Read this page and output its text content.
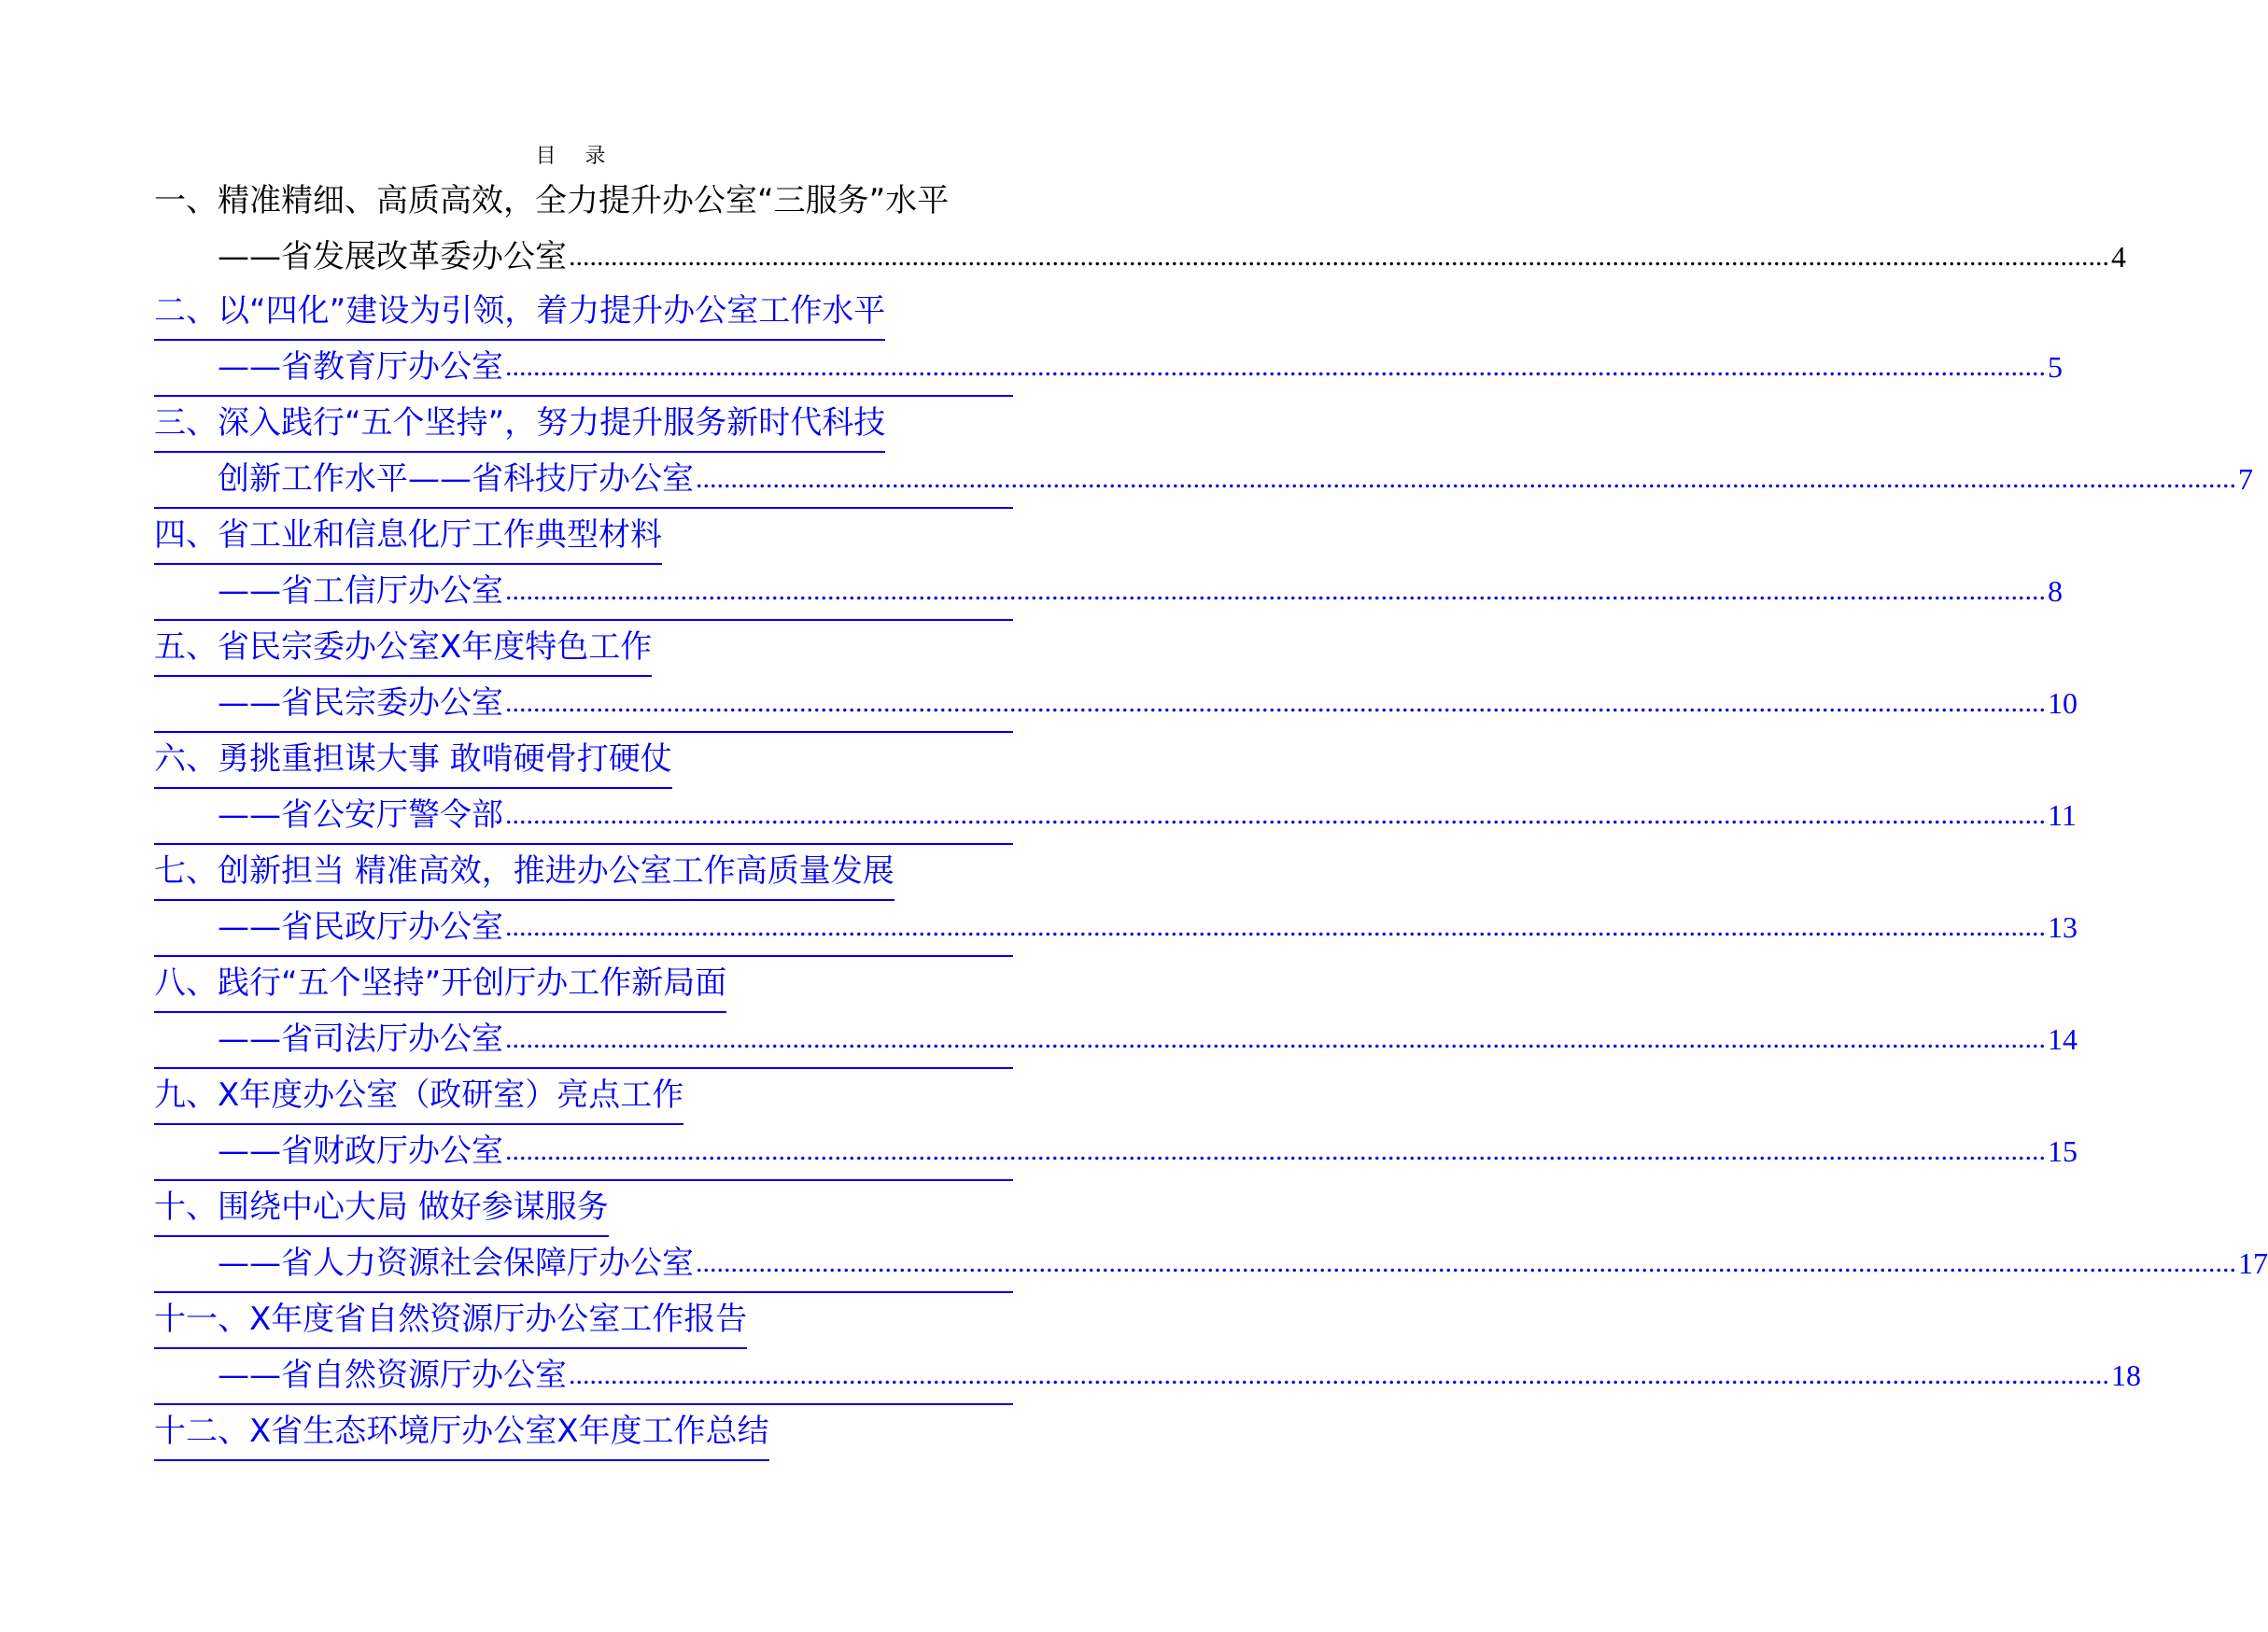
目 录
一、精准精细、高质高效，全力提升办公室“三服务”水平
——省发展改革委办公室 ............................................................................................................................................................................................................................ 4
二、以“四化”建设为引领，着力提升办公室工作水平
——省教育厅办公室 ............................................................................................................................................................................................................................ 5
三、深入践行“五个坚持”，努力提升服务新时代科技
创新工作水平——省科技厅办公室 ............................................................................................................................................................................................................................ 7
四、省工业和信息化厅工作典型材料
——省工信厅办公室 ............................................................................................................................................................................................................................ 8
五、省民宗委办公室X年度特色工作
——省民宗委办公室 ............................................................................................................................................................................................................................ 10
六、勇挑重担谋大事 敢啃硬骨打硬仗
——省公安厅警令部 ............................................................................................................................................................................................................................ 11
七、创新担当 精准高效，推进办公室工作高质量发展
——省民政厅办公室 ............................................................................................................................................................................................................................ 13
八、践行“五个坚持”开创厅办工作新局面
——省司法厅办公室 ............................................................................................................................................................................................................................ 14
九、X年度办公室（政研室）亮点工作
——省财政厅办公室 ............................................................................................................................................................................................................................ 15
十、围绕中心大局 做好参谋服务
——省人力资源社会保障厅办公室 ............................................................................................................................................................................................................................ 17
十一、X年度省自然资源厅办公室工作报告
——省自然资源厅办公室 ............................................................................................................................................................................................................................ 18
十二、X省生态环境厅办公室X年度工作总结
